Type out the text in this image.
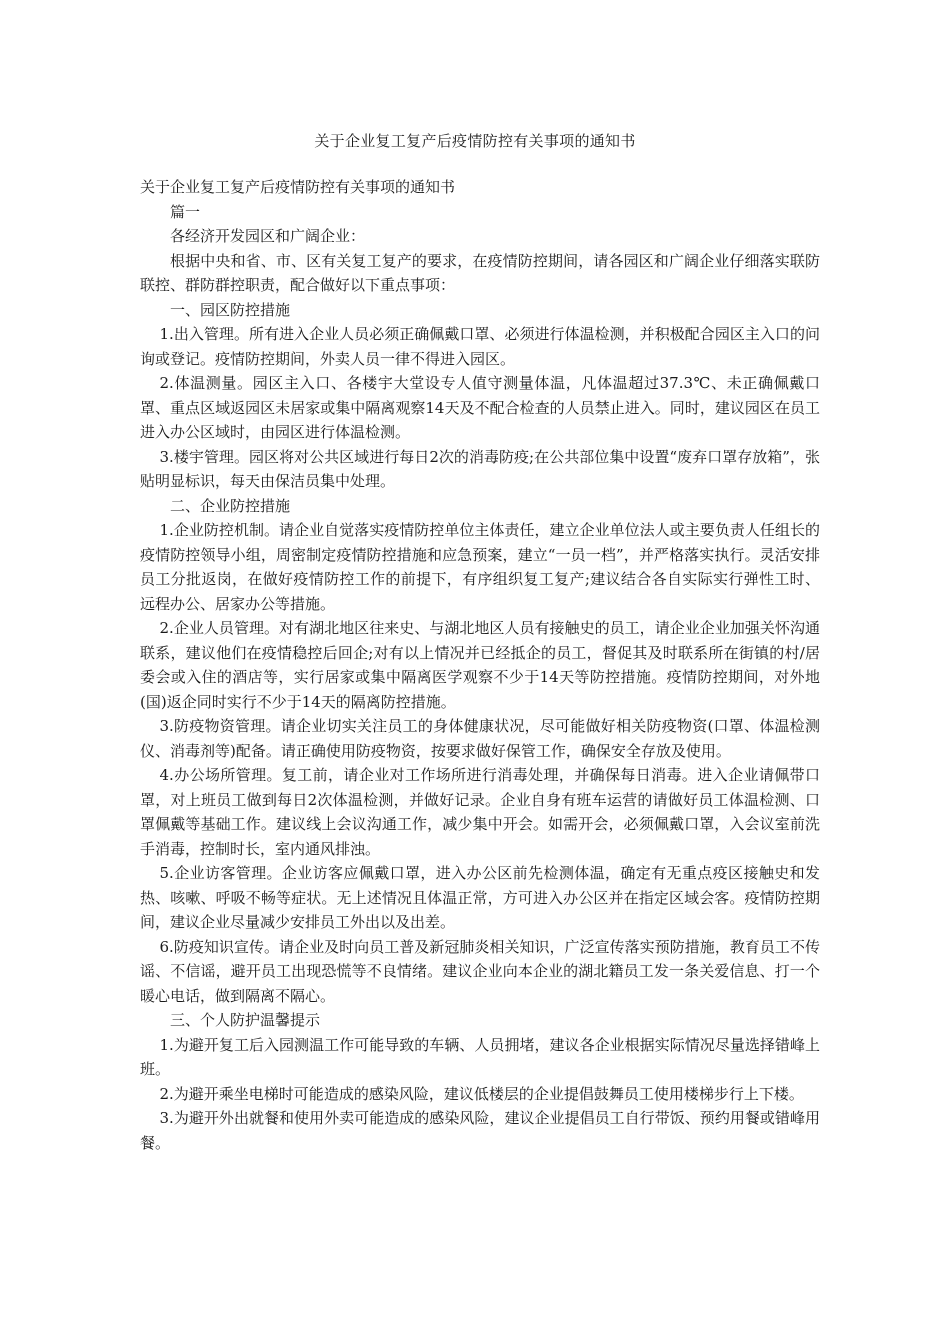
关于企业复工复产后疫情防控有关事项的通知书

关于企业复工复产后疫情防控有关事项的通知书

篇一

各经济开发园区和广阔企业：

根据中央和省、市、区有关复工复产的要求，在疫情防控期间，请各园区和广阔企业仔细落实联防联控、群防群控职责，配合做好以下重点事项：

一、园区防控措施

1.出入管理。所有进入企业人员必须正确佩戴口罩、必须进行体温检测，并积极配合园区主入口的问询或登记。疫情防控期间，外卖人员一律不得进入园区。

2.体温测量。园区主入口、各楼宇大堂设专人值守测量体温，凡体温超过37.3℃、未正确佩戴口罩、重点区域返园区未居家或集中隔离观察14天及不配合检查的人员禁止进入。同时，建议园区在员工进入办公区域时，由园区进行体温检测。

3.楼宇管理。园区将对公共区域进行每日2次的消毒防疫;在公共部位集中设置“废弃口罩存放箱”，张贴明显标识，每天由保洁员集中处理。

二、企业防控措施

1.企业防控机制。请企业自觉落实疫情防控单位主体责任，建立企业单位法人或主要负责人任组长的疫情防控领导小组，周密制定疫情防控措施和应急预案，建立“一员一档”，并严格落实执行。灵活安排员工分批返岗，在做好疫情防控工作的前提下，有序组织复工复产;建议结合各自实际实行弹性工时、远程办公、居家办公等措施。

2.企业人员管理。对有湖北地区往来史、与湖北地区人员有接触史的员工，请企业企业加强关怀沟通联系，建议他们在疫情稳控后回企;对有以上情况并已经抵企的员工，督促其及时联系所在街镇的村/居委会或入住的酒店等，实行居家或集中隔离医学观察不少于14天等防控措施。疫情防控期间，对外地(国)返企同时实行不少于14天的隔离防控措施。

3.防疫物资管理。请企业切实关注员工的身体健康状况，尽可能做好相关防疫物资(口罩、体温检测仪、消毒剂等)配备。请正确使用防疫物资，按要求做好保管工作，确保安全存放及使用。

4.办公场所管理。复工前，请企业对工作场所进行消毒处理，并确保每日消毒。进入企业请佩带口罩，对上班员工做到每日2次体温检测，并做好记录。企业自身有班车运营的请做好员工体温检测、口罩佩戴等基础工作。建议线上会议沟通工作，减少集中开会。如需开会，必须佩戴口罩，入会议室前洗手消毒，控制时长，室内通风排浊。

5.企业访客管理。企业访客应佩戴口罩，进入办公区前先检测体温，确定有无重点疫区接触史和发热、咳嗽、呼吸不畅等症状。无上述情况且体温正常，方可进入办公区并在指定区域会客。疫情防控期间，建议企业尽量减少安排员工外出以及出差。

6.防疫知识宣传。请企业及时向员工普及新冠肺炎相关知识，广泛宣传落实预防措施，教育员工不传谣、不信谣，避开员工出现恐慌等不良情绪。建议企业向本企业的湖北籍员工发一条关爱信息、打一个暖心电话，做到隔离不隔心。

三、个人防护温馨提示

1.为避开复工后入园测温工作可能导致的车辆、人员拥堵，建议各企业根据实际情况尽量选择错峰上班。

2.为避开乘坐电梯时可能造成的感染风险，建议低楼层的企业提倡鼓舞员工使用楼梯步行上下楼。

3.为避开外出就餐和使用外卖可能造成的感染风险，建议企业提倡员工自行带饭、预约用餐或错峰用餐。
